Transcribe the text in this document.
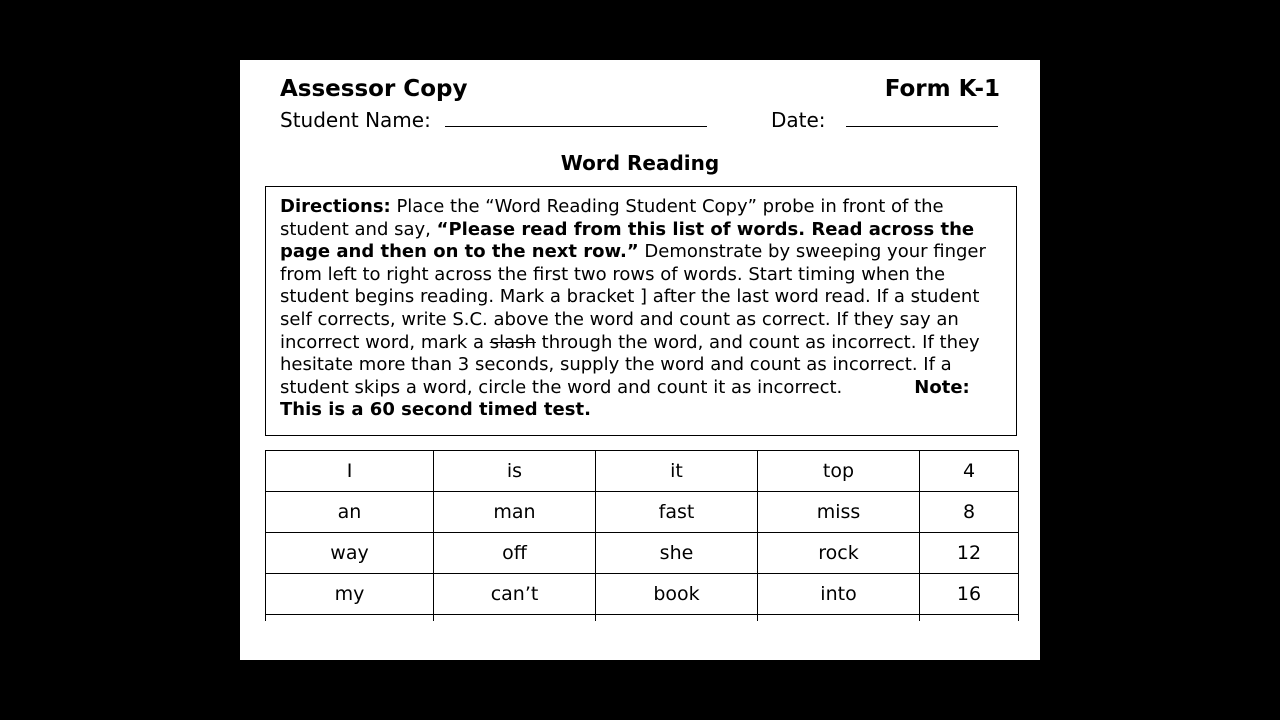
Assessor Copy	Form K-1
Student Name:	Date:
Word Reading
Directions: Place the “Word Reading Student Copy” probe in front of the student and say, “Please read from this list of words. Read across the page and then on to the next row.” Demonstrate by sweeping your finger from left to right across the first two rows of words. Start timing when the student begins reading. Mark a bracket ] after the last word read. If a student self corrects, write S.C. above the word and count as correct. If they say an incorrect word, mark a slash through the word, and count as incorrect. If they hesitate more than 3 seconds, supply the word and count as incorrect. If a student skips a word, circle the word and count it as incorrect.	Note: This is a 60 second timed test.
I	is	it	top	4
an	man	fast	miss	8
way	off	she	rock	12
my	can’t	book	into	16
